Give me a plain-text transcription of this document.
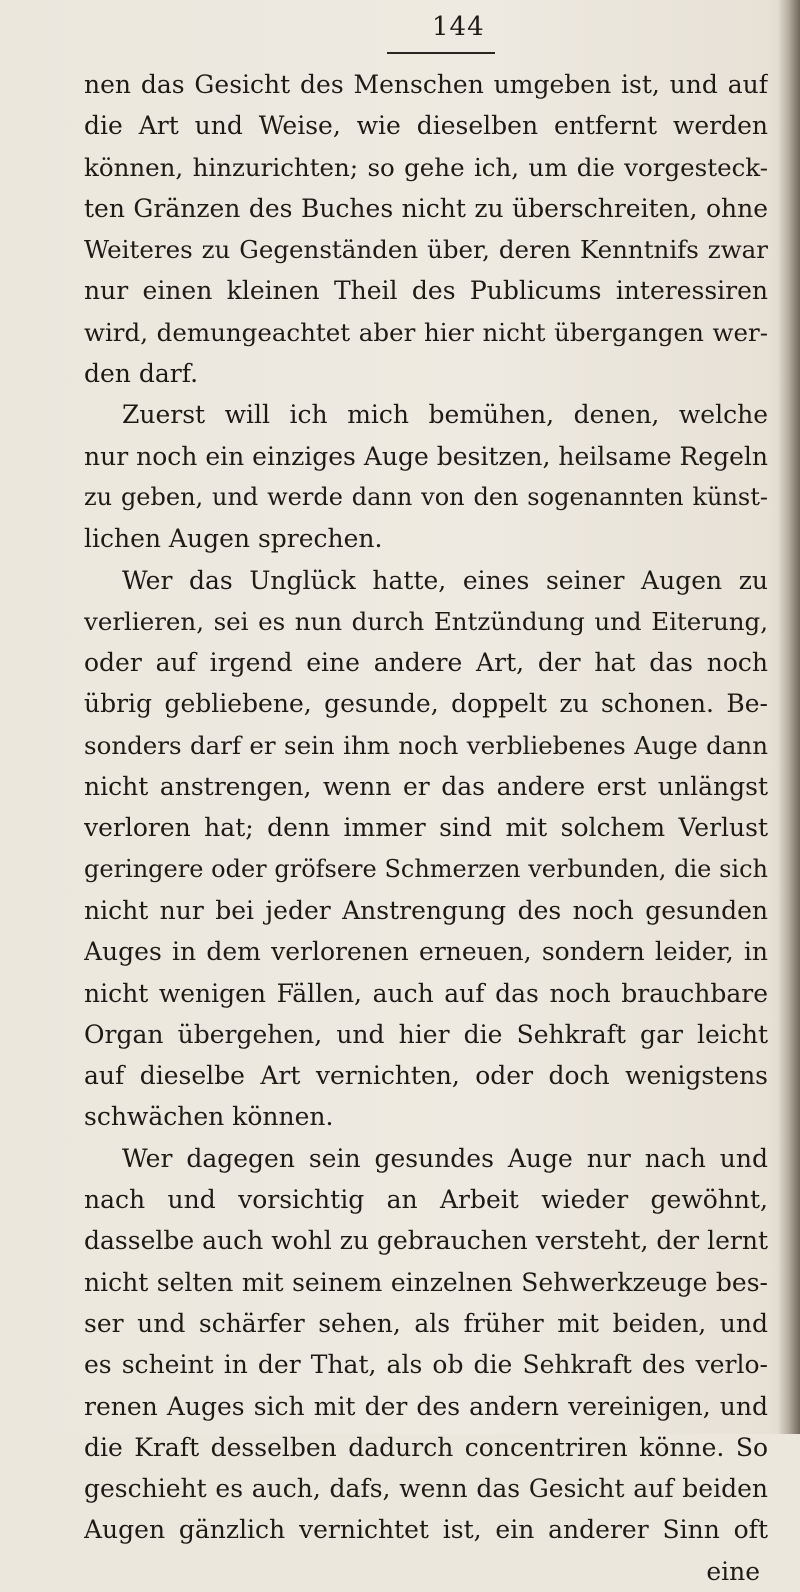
144
nen das Gesicht des Menschen umgeben ist, und auf
die Art und Weise, wie dieselben entfernt werden
können, hinzurichten; so gehe ich, um die vorgesteck-
ten Gränzen des Buches nicht zu überschreiten, ohne
Weiteres zu Gegenständen über, deren Kenntnifs zwar
nur einen kleinen Theil des Publicums interessiren
wird, demungeachtet aber hier nicht übergangen wer-
den darf.
Zuerst will ich mich bemühen, denen, welche
nur noch ein einziges Auge besitzen, heilsame Regeln
zu geben, und werde dann von den sogenannten künst-
lichen Augen sprechen.
Wer das Unglück hatte, eines seiner Augen zu
verlieren, sei es nun durch Entzündung und Eiterung,
oder auf irgend eine andere Art, der hat das noch
übrig gebliebene, gesunde, doppelt zu schonen. Be-
sonders darf er sein ihm noch verbliebenes Auge dann
nicht anstrengen, wenn er das andere erst unlängst
verloren hat; denn immer sind mit solchem Verlust
geringere oder gröfsere Schmerzen verbunden, die sich
nicht nur bei jeder Anstrengung des noch gesunden
Auges in dem verlorenen erneuen, sondern leider, in
nicht wenigen Fällen, auch auf das noch brauchbare
Organ übergehen, und hier die Sehkraft gar leicht
auf dieselbe Art vernichten, oder doch wenigstens
schwächen können.
Wer dagegen sein gesundes Auge nur nach und
nach und vorsichtig an Arbeit wieder gewöhnt,
dasselbe auch wohl zu gebrauchen versteht, der lernt
nicht selten mit seinem einzelnen Sehwerkzeuge bes-
ser und schärfer sehen, als früher mit beiden, und
es scheint in der That, als ob die Sehkraft des verlo-
renen Auges sich mit der des andern vereinigen, und
die Kraft desselben dadurch concentriren könne. So
geschieht es auch, dafs, wenn das Gesicht auf beiden
Augen gänzlich vernichtet ist, ein anderer Sinn oft
eine
